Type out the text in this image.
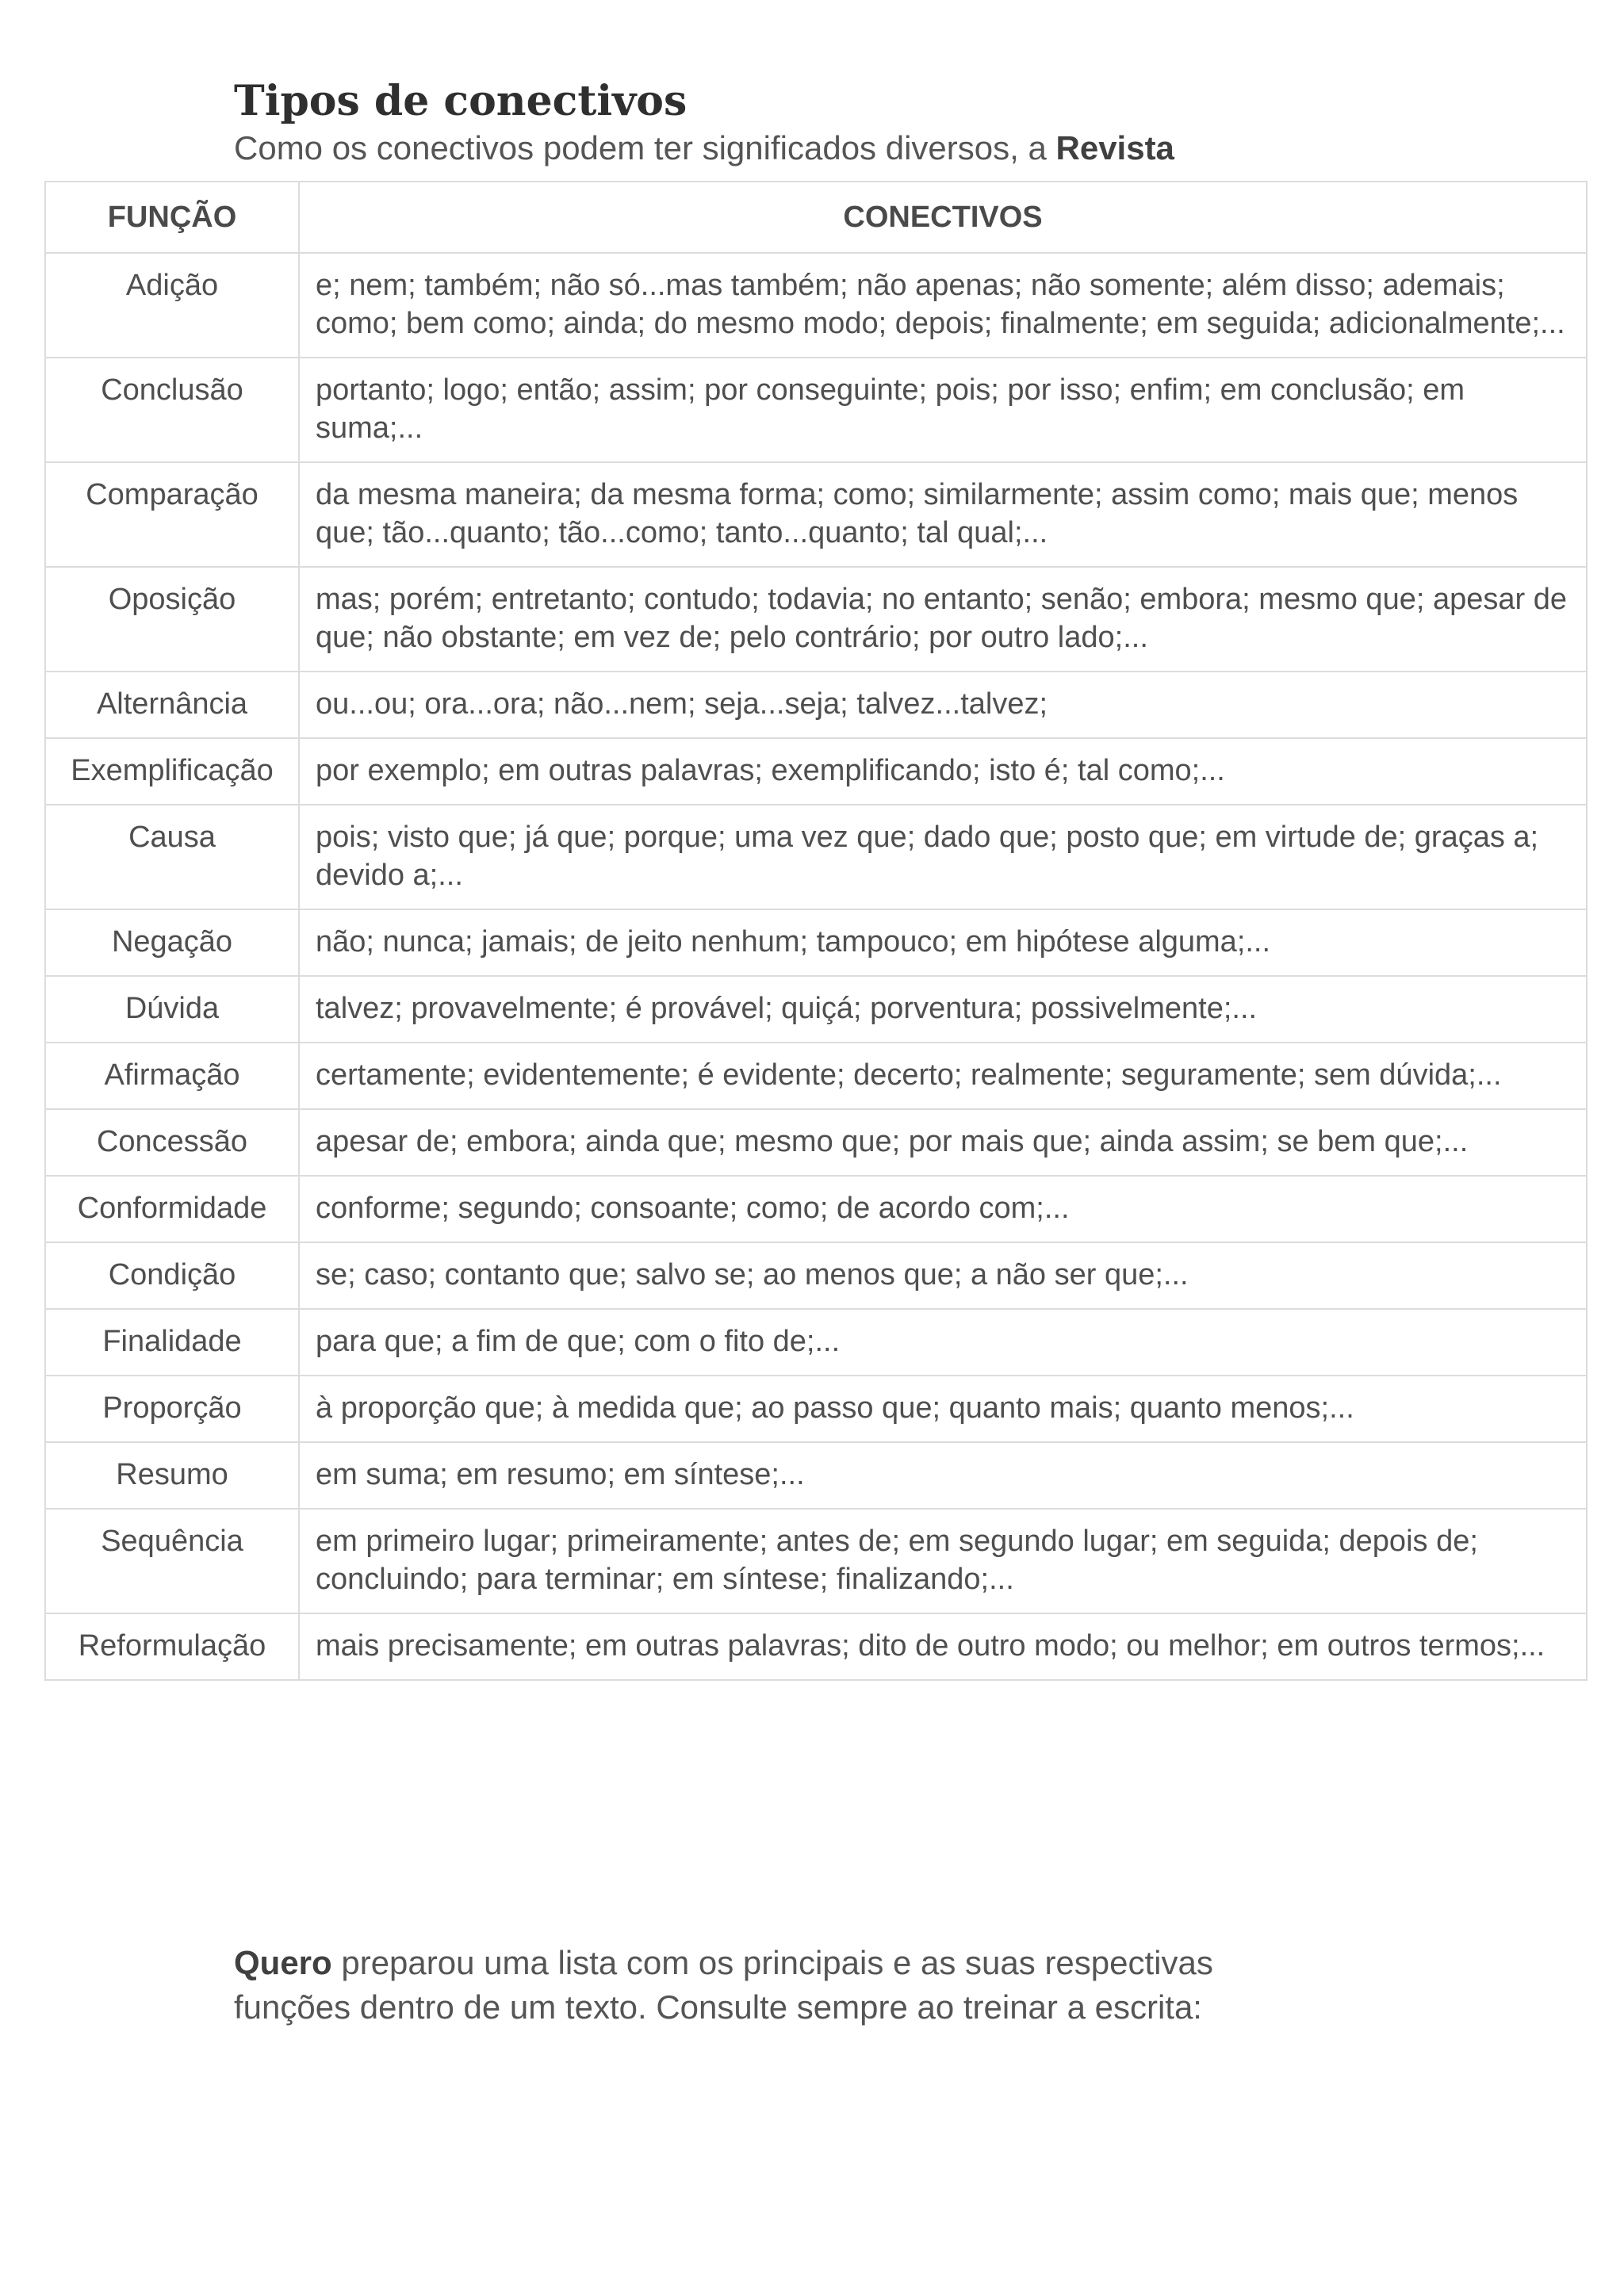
Tipos de conectivos
Como os conectivos podem ter significados diversos, a Revista
FUNÇÃO	CONECTIVOS
Adição	e; nem; também; não só...mas também; não apenas; não somente; além disso; ademais; como; bem como; ainda; do mesmo modo; depois; finalmente; em seguida; adicionalmente;...
Conclusão	portanto; logo; então; assim; por conseguinte; pois; por isso; enfim; em conclusão; em suma;...
Comparação	da mesma maneira; da mesma forma; como; similarmente; assim como; mais que; menos que; tão...quanto; tão...como; tanto...quanto; tal qual;...
Oposição	mas; porém; entretanto; contudo; todavia; no entanto; senão; embora; mesmo que; apesar de que; não obstante; em vez de; pelo contrário; por outro lado;...
Alternância	ou...ou; ora...ora; não...nem; seja...seja; talvez...talvez;
Exemplificação	por exemplo; em outras palavras; exemplificando; isto é; tal como;...
Causa	pois; visto que; já que; porque; uma vez que; dado que; posto que; em virtude de; graças a; devido a;...
Negação	não; nunca; jamais; de jeito nenhum; tampouco; em hipótese alguma;...
Dúvida	talvez; provavelmente; é provável; quiçá; porventura; possivelmente;...
Afirmação	certamente; evidentemente; é evidente; decerto; realmente; seguramente; sem dúvida;...
Concessão	apesar de; embora; ainda que; mesmo que; por mais que; ainda assim; se bem que;...
Conformidade	conforme; segundo; consoante; como; de acordo com;...
Condição	se; caso; contanto que; salvo se; ao menos que; a não ser que;...
Finalidade	para que; a fim de que; com o fito de;...
Proporção	à proporção que; à medida que; ao passo que; quanto mais; quanto menos;...
Resumo	em suma; em resumo; em síntese;...
Sequência	em primeiro lugar; primeiramente; antes de; em segundo lugar; em seguida; depois de; concluindo; para terminar; em síntese; finalizando;...
Reformulação	mais precisamente; em outras palavras; dito de outro modo; ou melhor; em outros termos;...
Quero preparou uma lista com os principais e as suas respectivas
funções dentro de um texto. Consulte sempre ao treinar a escrita:
